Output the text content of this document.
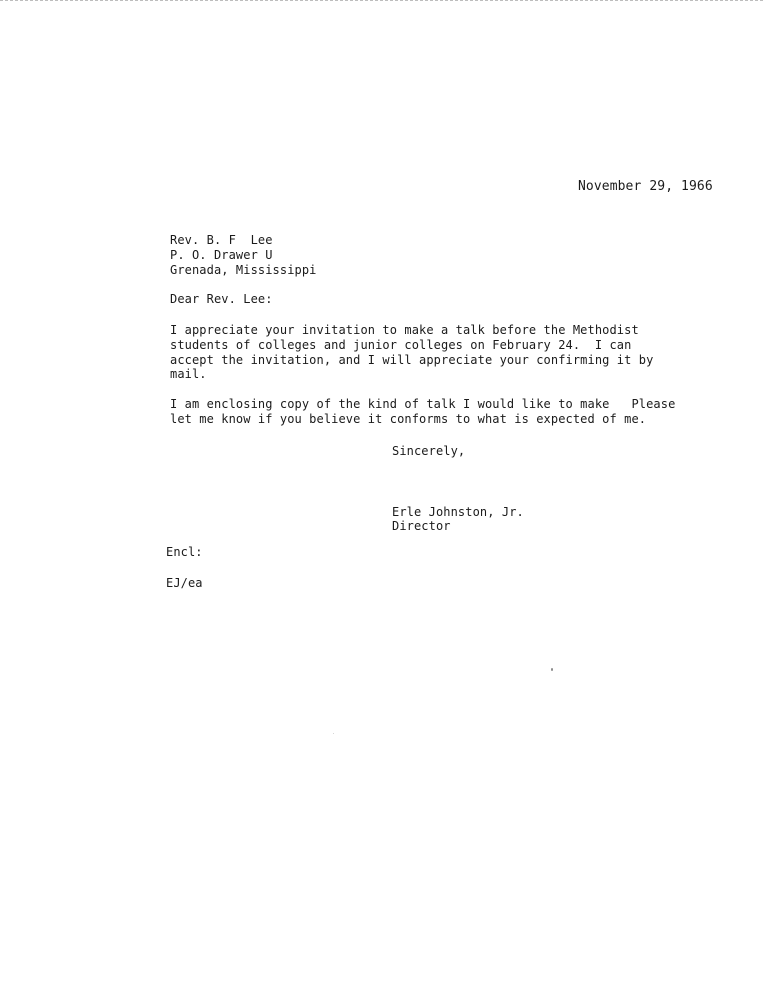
November 29, 1966
Rev. B. F  Lee
P. O. Drawer U
Grenada, Mississippi
Dear Rev. Lee:
I appreciate your invitation to make a talk before the Methodist
students of colleges and junior colleges on February 24.  I can
accept the invitation, and I will appreciate your confirming it by
mail.
I am enclosing copy of the kind of talk I would like to make   Please
let me know if you believe it conforms to what is expected of me.
Sincerely,
Erle Johnston, Jr.
Director
Encl:
EJ/ea
